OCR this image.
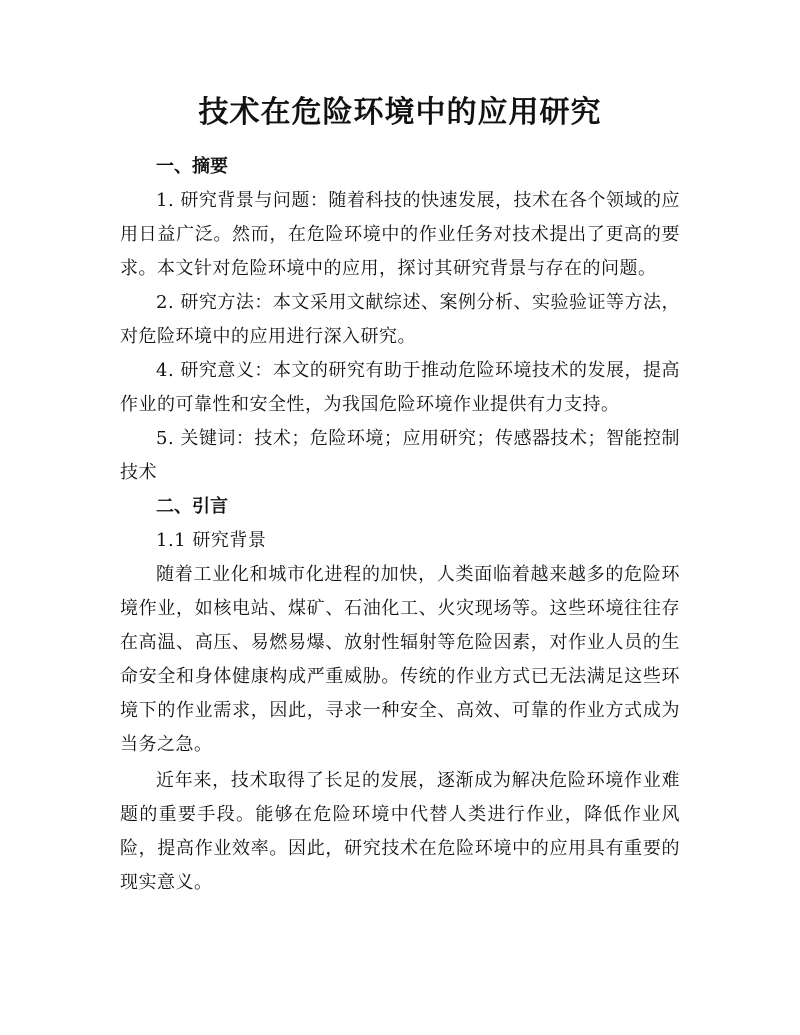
技术在危险环境中的应用研究

一、摘要

1. 研究背景与问题：随着科技的快速发展，技术在各个领域的应用日益广泛。然而，在危险环境中的作业任务对技术提出了更高的要求。本文针对危险环境中的应用，探讨其研究背景与存在的问题。

2. 研究方法：本文采用文献综述、案例分析、实验验证等方法，对危险环境中的应用进行深入研究。

4. 研究意义：本文的研究有助于推动危险环境技术的发展，提高作业的可靠性和安全性，为我国危险环境作业提供有力支持。

5. 关键词：技术；危险环境；应用研究；传感器技术；智能控制技术

二、引言

1.1 研究背景

随着工业化和城市化进程的加快，人类面临着越来越多的危险环境作业，如核电站、煤矿、石油化工、火灾现场等。这些环境往往存在高温、高压、易燃易爆、放射性辐射等危险因素，对作业人员的生命安全和身体健康构成严重威胁。传统的作业方式已无法满足这些环境下的作业需求，因此，寻求一种安全、高效、可靠的作业方式成为当务之急。

近年来，技术取得了长足的发展，逐渐成为解决危险环境作业难题的重要手段。能够在危险环境中代替人类进行作业，降低作业风险，提高作业效率。因此，研究技术在危险环境中的应用具有重要的现实意义。
